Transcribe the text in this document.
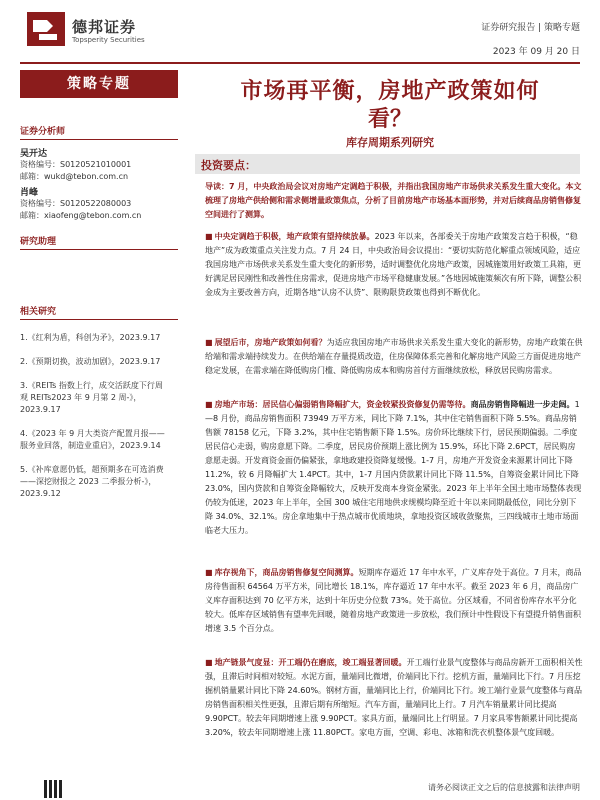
德邦证券
Topsperity Securities
证券研究报告 | 策略专题
2023 年 09 月 20 日
策略专题
证券分析师
吴开达
资格编号：S0120521010001
邮箱：wukd@tebon.com.cn
肖峰
资格编号：S0120522080003
邮箱：xiaofeng@tebon.com.cn
研究助理
相关研究
1.《红利为盾，科创为矛》，2023.9.17
2.《预期切换，波动加剧》，2023.9.17
3.《REITs 指数上行，成交活跃度下行周观 REITs2023 年 9 月第 2 周-》，2023.9.17
4.《2023 年 9 月大类资产配置月报——服务业回落，制造业重启》，2023.9.14
5.《补库意愿仍低，超预期多在可选消费——深挖财报之 2023 二季报分析-》，2023.9.12
市场再平衡，房地产政策如何
看？
库存周期系列研究
投资要点：
导读：7 月，中央政治局会议对房地产定调趋于积极，并指出我国房地产市场供求关系发生重大变化。本文梳理了房地产供给侧和需求侧增量政策焦点，分析了目前房地产市场基本面形势，并对后续商品房销售修复空间进行了测算。
■ 中央定调趋于积极，地产政策有望持续放暴。2023 年以来，各部委关于房地产政策发言趋于积极，“稳地产”成为政策重点关注发力点。7 月 24 日，中央政治局会议提出：“要切实防范化解重点领域风险，适应我国房地产市场供求关系发生重大变化的新形势，适时调整优化房地产政策，因城施策用好政策工具箱，更好满足居民刚性和改善性住房需求，促进房地产市场平稳健康发展。”各地因城施策频次有所下降，调整公积金成为主要改善方向，近期各地“认房不认贷”、限购限贷政策也得到不断优化。
■ 展望后市，房地产政策如何看？为适应我国房地产市场供求关系发生重大变化的新形势，房地产政策在供给端和需求端持续发力。在供给端在存量提质改造，住房保障体系完善和化解房地产风险三方面促进房地产稳定发展，在需求端在降低购房门槛、降低购房成本和购房首付方面继续放松，释放居民购房需求。
■ 房地产市场：居民信心偏弱销售降幅扩大，资金较紧投资修复仍需等待。商品房销售降幅进一步走阔。1—8 月份，商品房销售面积 73949 万平方米，同比下降 7.1%，其中住宅销售面积下降 5.5%。商品房销售额 78158 亿元，下降 3.2%，其中住宅销售额下降 1.5%。房价环比继续下行，居民预期偏弱。二季度居民信心走弱，购房意愿下降。二季度，居民房价预期上涨比例为 15.9%，环比下降 2.6PCT，居民购房意愿走弱。开发商资金面仍偏紧张，拿地政建投资降复缓慢。1-7 月，房地产开发资金来源累计同比下降 11.2%，较 6 月降幅扩大 1.4PCT。其中，1-7 月国内贷款累计同比下降 11.5%，自筹资金累计同比下降 23.0%，国内贷款和自筹资金降幅较大，反映开发商本身资金紧张。2023 年上半年全国土地市场整体表现仍较为低迷，2023 年上半年，全国 300 城住宅用地供求规模均降至近十年以来同期最低位，同比分别下降 34.0%、32.1%。房企拿地集中于热点城市优质地块，拿地投资区域收敛聚焦，三四线城市土地市场面临老大压力。
■ 库存视角下，商品房销售修复空间测算。短期库存逼近 17 年中水平，广义库存处于高位。7 月末，商品房待售面积 64564 万平方米，同比增长 18.1%，库存逼近 17 年中水平。截至 2023 年 6 月，商品房广义库存面积达到 70 亿平方米，达到十年历史分位数 73%。处于高位。分区域看，不同省份库存水平分化较大。低库存区域销售有望率先回暖，随着房地产政策进一步放松，我们预计中性假设下有望提升销售面积增速 3.5 个百分点。
■ 地产链景气度显：开工端仍在磨底，竣工端显著回暖。开工端行业景气度整体与商品房新开工面积相关性强，且滞后时间相对较短。水泥方面，量端同比微增，价端同比下行。挖机方面，量端同比下行。7 月压挖掘机销量累计同比下降 24.60%。钢材方面，量端同比上行，价端同比下行。竣工端行业景气度整体与商品房销售面积相关性更强，且滞后期有所缩短。汽车方面，量端同比上行。7 月汽车销量累计同比提高 9.90PCT。较去年同期增速上涨 9.90PCT。家具方面，量端同比上行明显。7 月家具零售额累计同比提高 3.20%，较去年同期增速上涨 11.80PCT。家电方面，空调、彩电、冰箱和洗衣机整体景气度回暖。
请务必阅读正文之后的信息披露和法律声明
